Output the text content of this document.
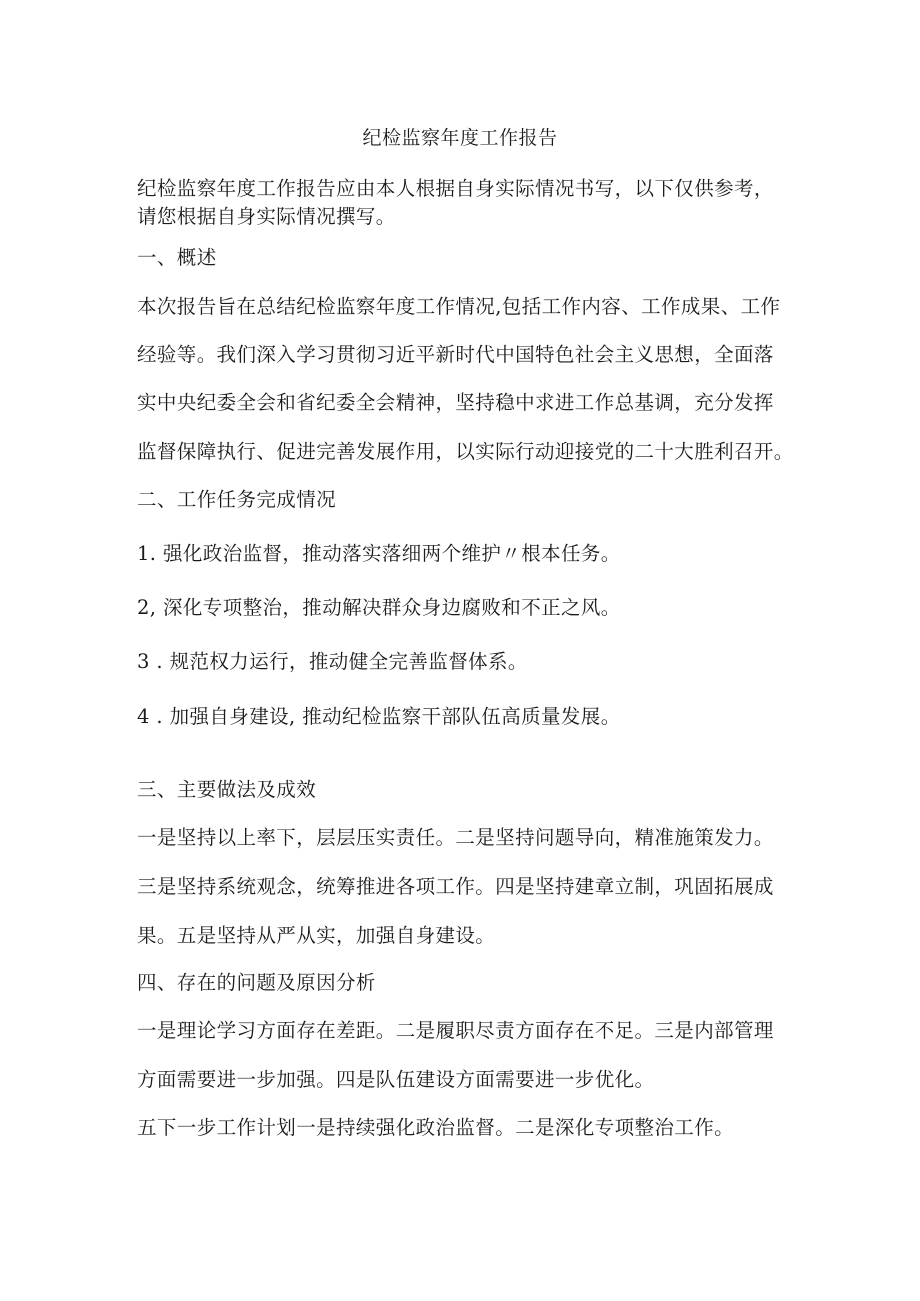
纪检监察年度工作报告
纪检监察年度工作报告应由本人根据自身实际情况书写，以下仅供参考，
请您根据自身实际情况撰写。
一、概述
本次报告旨在总结纪检监察年度工作情况,包括工作内容、工作成果、工作
经验等。我们深入学习贯彻习近平新时代中国特色社会主义思想，全面落
实中央纪委全会和省纪委全会精神，坚持稳中求进工作总基调，充分发挥
监督保障执行、促进完善发展作用，以实际行动迎接党的二十大胜利召开。
二、工作任务完成情况
1. 强化政治监督，推动落实落细两个维护〃根本任务。
2, 深化专项整治，推动解决群众身边腐败和不正之风。
3 . 规范权力运行，推动健全完善监督体系。
4 . 加强自身建设, 推动纪检监察干部队伍高质量发展。
三、主要做法及成效
一是坚持以上率下，层层压实责任。二是坚持问题导向，精准施策发力。
三是坚持系统观念，统筹推进各项工作。四是坚持建章立制，巩固拓展成
果。五是坚持从严从实，加强自身建设。
四、存在的问题及原因分析
一是理论学习方面存在差距。二是履职尽责方面存在不足。三是内部管理
方面需要进一步加强。四是队伍建设方面需要进一步优化。
五下一步工作计划一是持续强化政治监督。二是深化专项整治工作。
